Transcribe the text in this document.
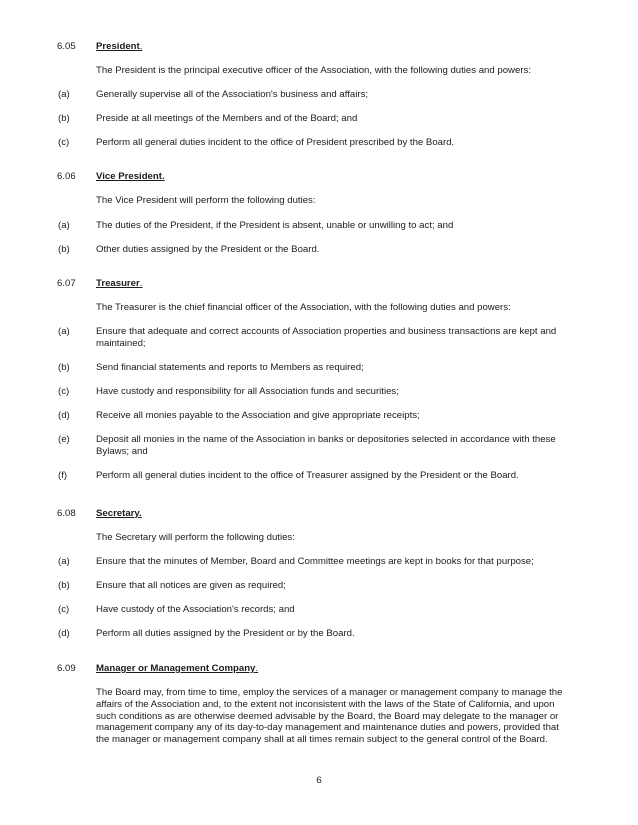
6.05 President.
The President is the principal executive officer of the Association, with the following duties and powers:
(a)	Generally supervise all of the Association's business and affairs;
(b)	Preside at all meetings of the Members and of the Board; and
(c)	Perform all general duties incident to the office of President prescribed by the Board.
6.06 Vice President.
The Vice President will perform the following duties:
(a)	The duties of the President, if the President is absent, unable or unwilling to act; and
(b)	Other duties assigned by the President or the Board.
6.07 Treasurer.
The Treasurer is the chief financial officer of the Association, with the following duties and powers:
(a)	Ensure that adequate and correct accounts of Association properties and business transactions are kept and maintained;
(b)	Send financial statements and reports to Members as required;
(c)	Have custody and responsibility for all Association funds and securities;
(d)	Receive all monies payable to the Association and give appropriate receipts;
(e)	Deposit all monies in the name of the Association in banks or depositories selected in accordance with these Bylaws; and
(f)	Perform all general duties incident to the office of Treasurer assigned by the President or the Board.
6.08 Secretary.
The Secretary will perform the following duties:
(a)	Ensure that the minutes of Member, Board and Committee meetings are kept in books for that purpose;
(b)	Ensure that all notices are given as required;
(c)	Have custody of the Association's records; and
(d)	Perform all duties assigned by the President or by the Board.
6.09 Manager or Management Company.
The Board may, from time to time, employ the services of a manager or management company to manage the affairs of the Association and, to the extent not inconsistent with the laws of the State of California, and upon such conditions as are otherwise deemed advisable by the Board, the Board may delegate to the manager or management company any of its day-to-day management and maintenance duties and powers, provided that the manager or management company shall at all times remain subject to the general control of the Board.
6
